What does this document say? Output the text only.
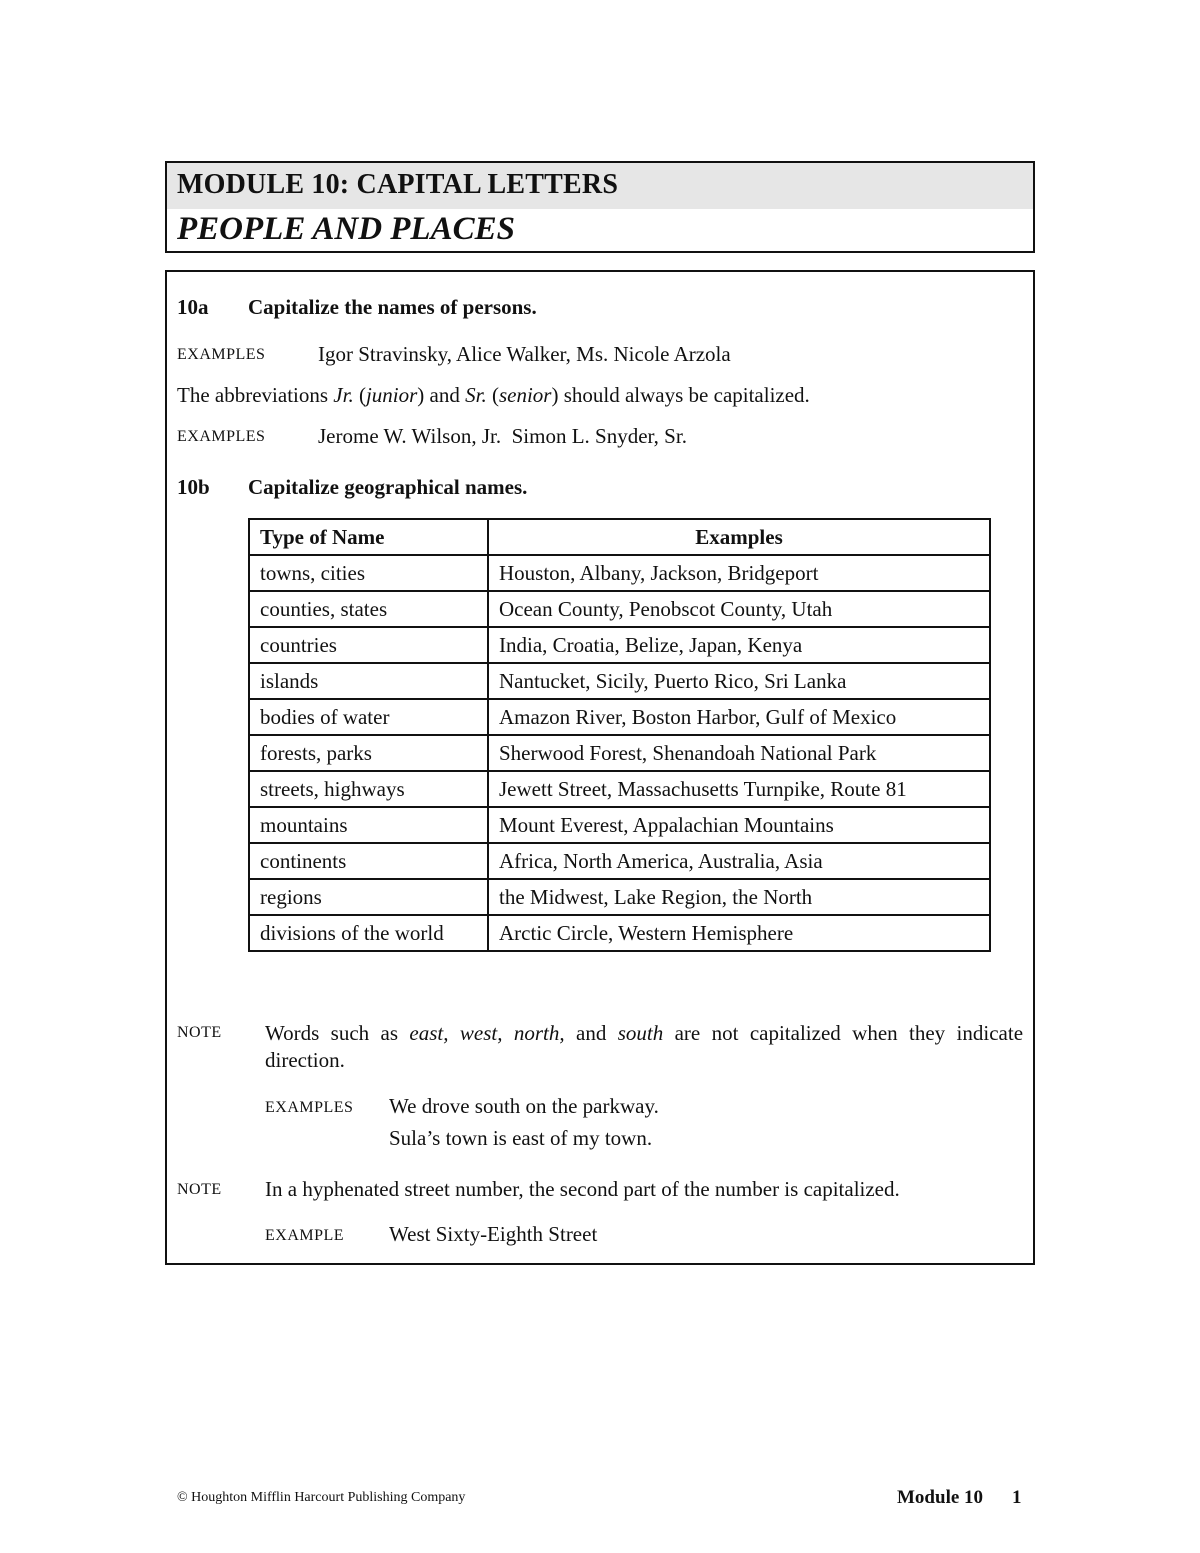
MODULE 10: CAPITAL LETTERS
PEOPLE AND PLACES
10a Capitalize the names of persons.
EXAMPLES	Igor Stravinsky, Alice Walker, Ms. Nicole Arzola
The abbreviations Jr. (junior) and Sr. (senior) should always be capitalized.
EXAMPLES	Jerome W. Wilson, Jr.  Simon L. Snyder, Sr.
10b Capitalize geographical names.
Type of Name	Examples
towns, cities	Houston, Albany, Jackson, Bridgeport
counties, states	Ocean County, Penobscot County, Utah
countries	India, Croatia, Belize, Japan, Kenya
islands	Nantucket, Sicily, Puerto Rico, Sri Lanka
bodies of water	Amazon River, Boston Harbor, Gulf of Mexico
forests, parks	Sherwood Forest, Shenandoah National Park
streets, highways	Jewett Street, Massachusetts Turnpike, Route 81
mountains	Mount Everest, Appalachian Mountains
continents	Africa, North America, Australia, Asia
regions	the Midwest, Lake Region, the North
divisions of the world	Arctic Circle, Western Hemisphere
NOTE Words such as east, west, north, and south are not capitalized when they indicate direction.
EXAMPLES We drove south on the parkway.
Sula’s town is east of my town.
NOTE In a hyphenated street number, the second part of the number is capitalized.
EXAMPLE West Sixty-Eighth Street
© Houghton Mifflin Harcourt Publishing Company	Module 10 1
